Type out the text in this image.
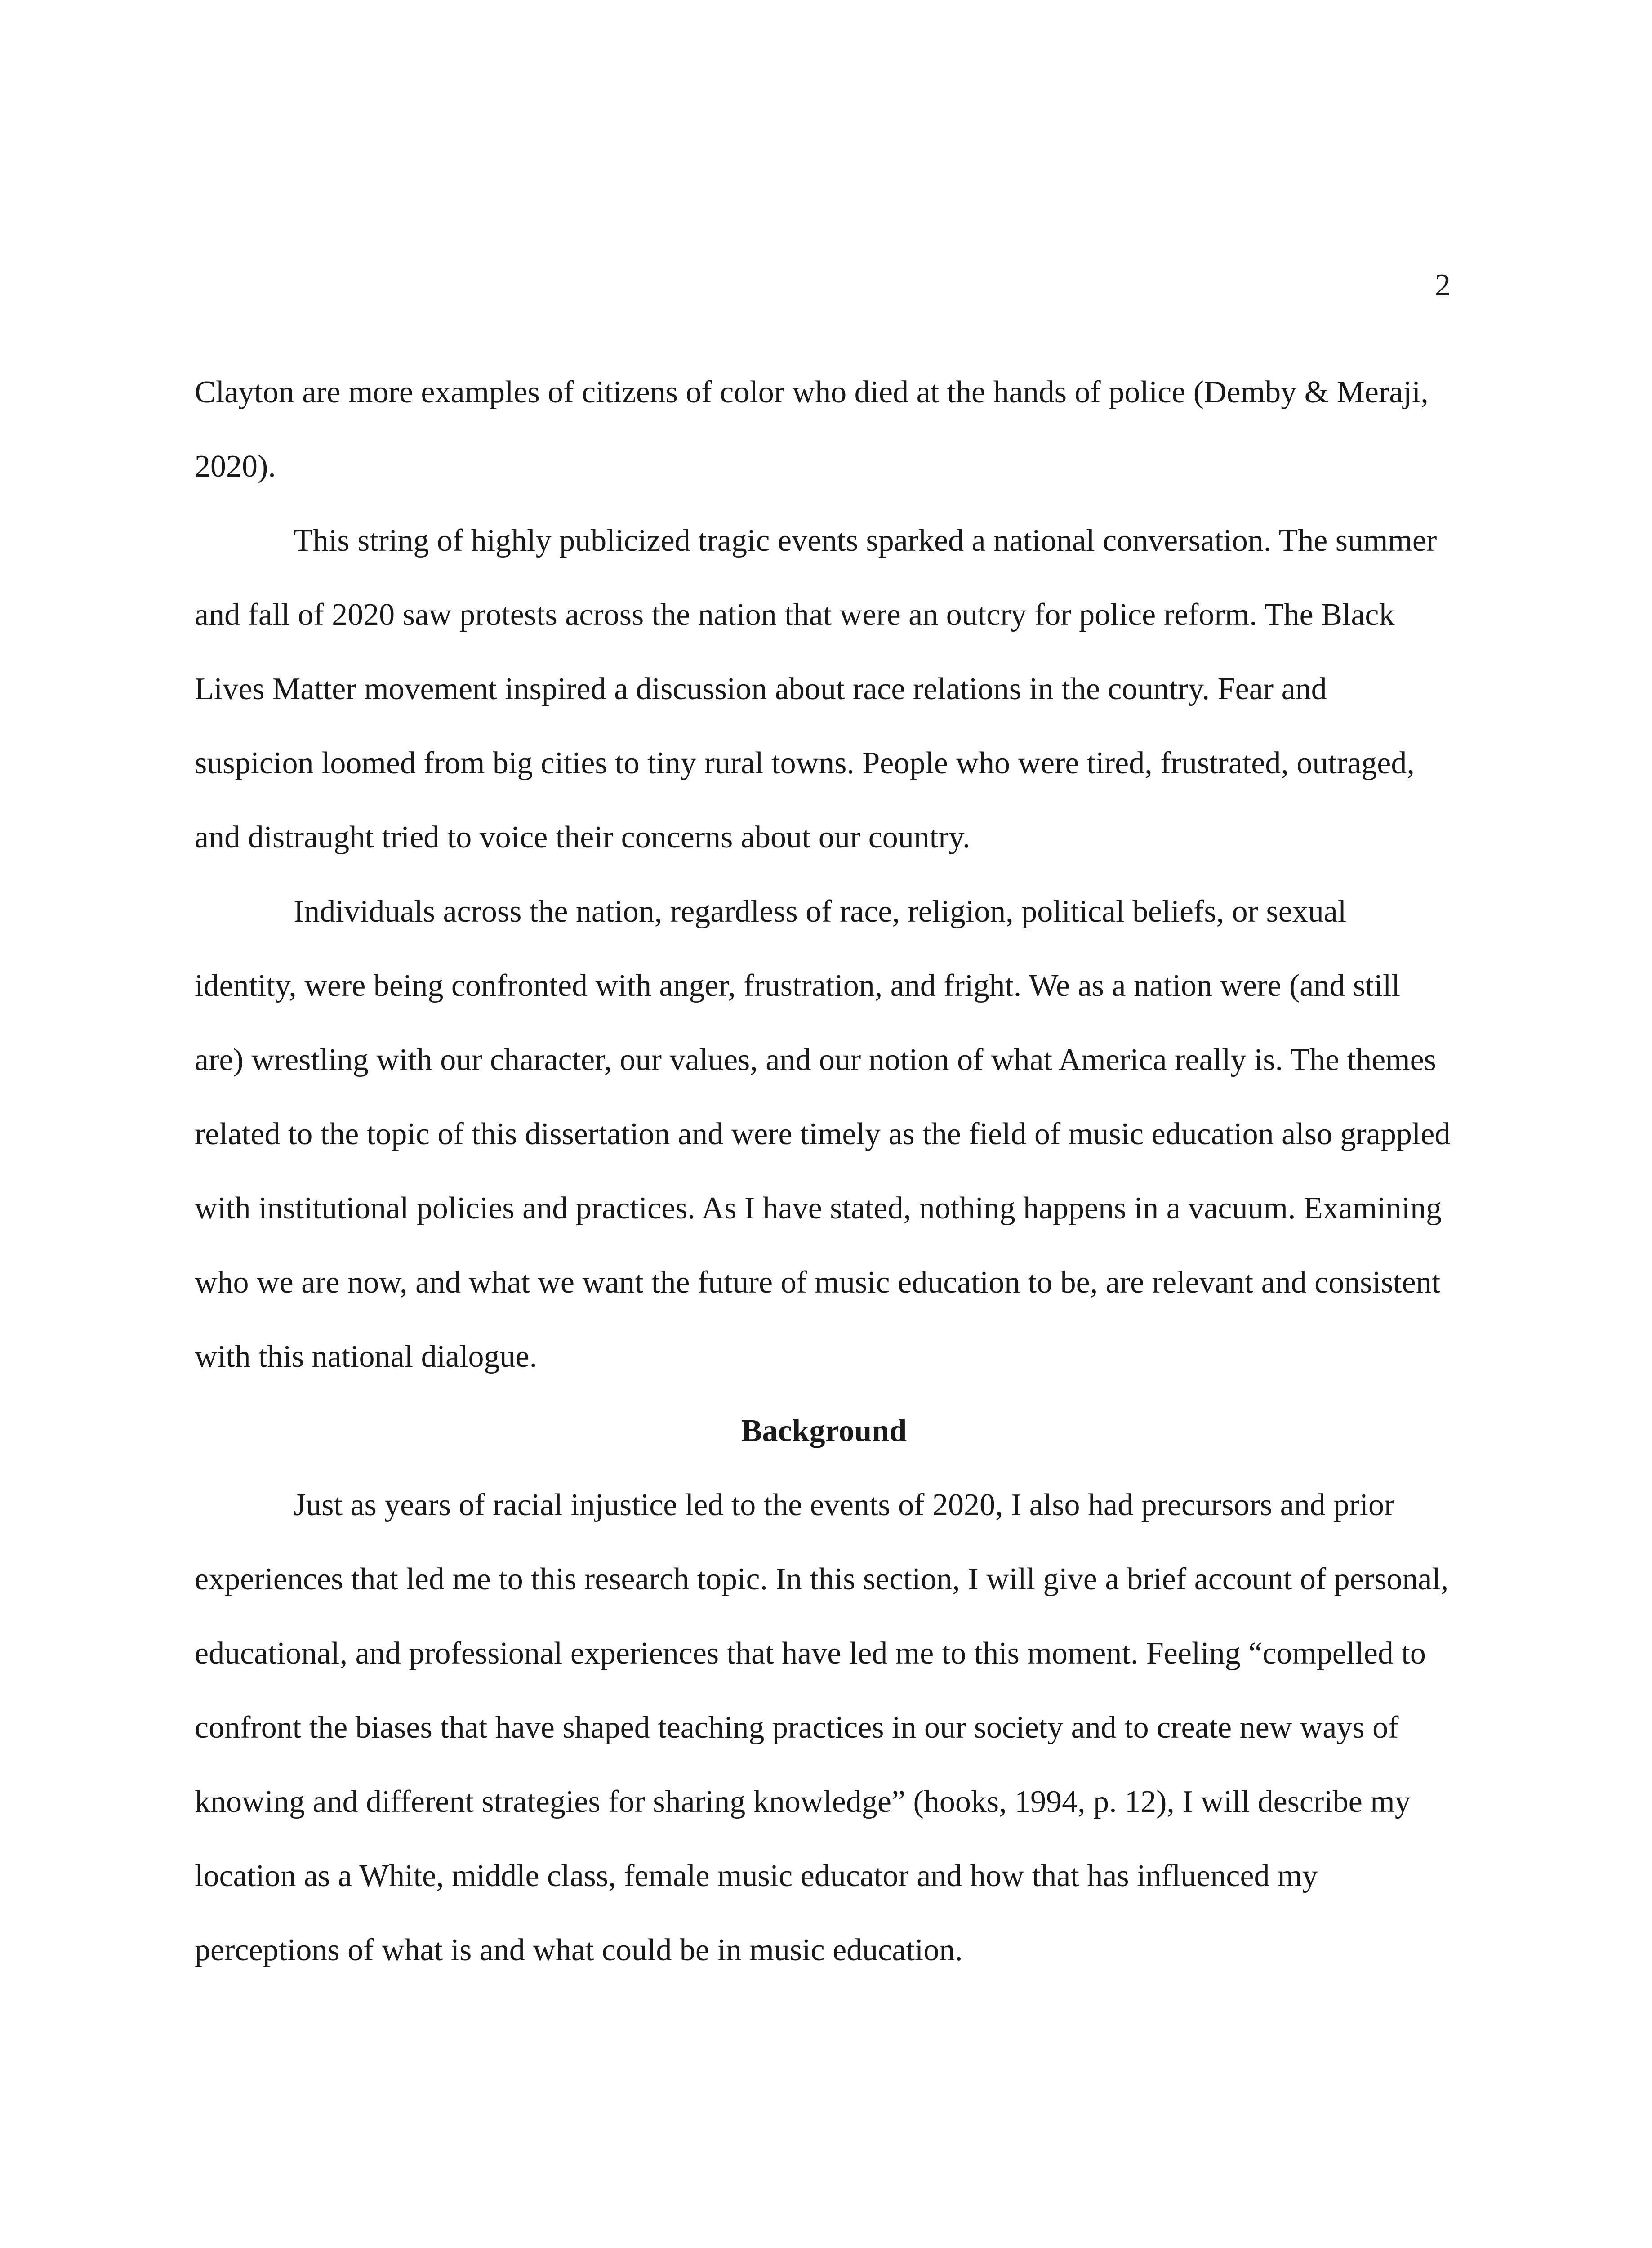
2

Clayton are more examples of citizens of color who died at the hands of police (Demby & Meraji, 2020).

This string of highly publicized tragic events sparked a national conversation. The summer and fall of 2020 saw protests across the nation that were an outcry for police reform. The Black Lives Matter movement inspired a discussion about race relations in the country. Fear and suspicion loomed from big cities to tiny rural towns. People who were tired, frustrated, outraged, and distraught tried to voice their concerns about our country.

Individuals across the nation, regardless of race, religion, political beliefs, or sexual identity, were being confronted with anger, frustration, and fright. We as a nation were (and still are) wrestling with our character, our values, and our notion of what America really is. The themes related to the topic of this dissertation and were timely as the field of music education also grappled with institutional policies and practices. As I have stated, nothing happens in a vacuum. Examining who we are now, and what we want the future of music education to be, are relevant and consistent with this national dialogue.

Background

Just as years of racial injustice led to the events of 2020, I also had precursors and prior experiences that led me to this research topic. In this section, I will give a brief account of personal, educational, and professional experiences that have led me to this moment. Feeling “compelled to confront the biases that have shaped teaching practices in our society and to create new ways of knowing and different strategies for sharing knowledge” (hooks, 1994, p. 12), I will describe my location as a White, middle class, female music educator and how that has influenced my perceptions of what is and what could be in music education.
